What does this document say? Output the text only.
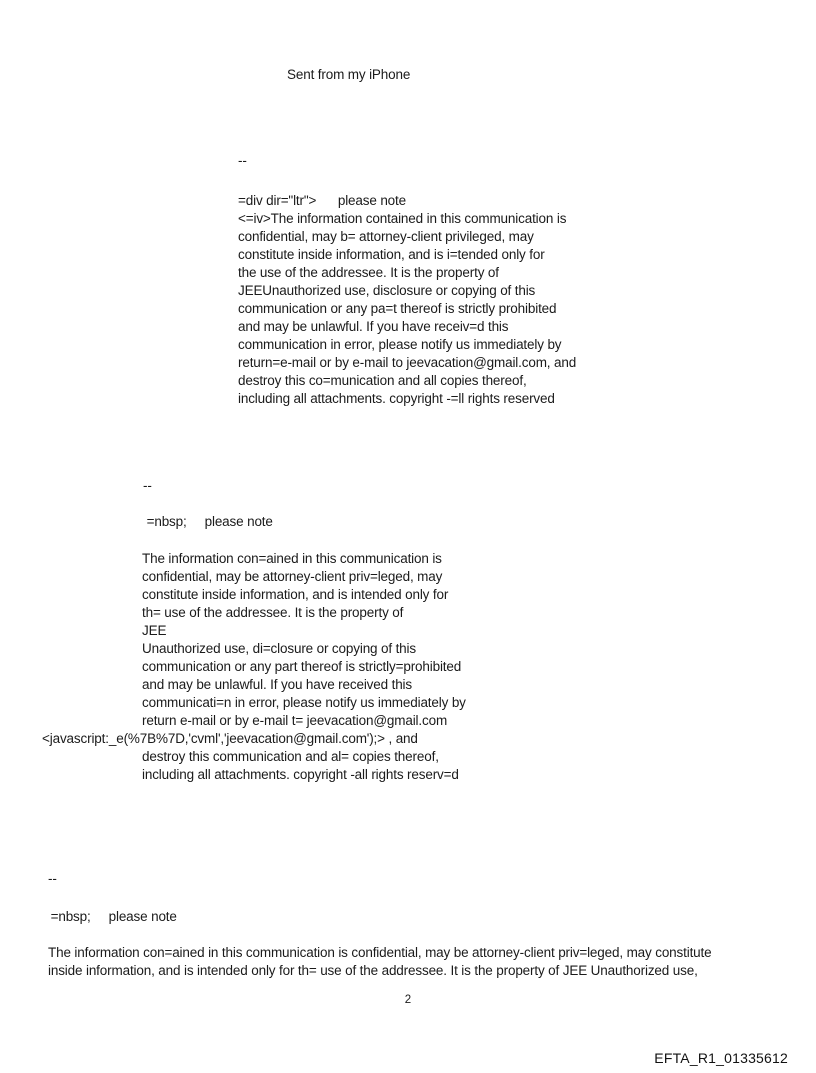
Sent from my iPhone
--
=div dir="ltr">      please note
<=iv>The information contained in this communication is
confidential, may b= attorney-client privileged, may
constitute inside information, and is i=tended only for
the use of the addressee. It is the property of
JEEUnauthorized use, disclosure or copying of this
communication or any pa=t thereof is strictly prohibited
and may be unlawful. If you have receiv=d this
communication in error, please notify us immediately by
return=e-mail or by e-mail to jeevacation@gmail.com, and
destroy this co=munication and all copies thereof,
including all attachments. copyright -=ll rights reserved
--
=nbsp;     please note
The information con=ained in this communication is
confidential, may be attorney-client priv=leged, may
constitute inside information, and is intended only for
th= use of the addressee. It is the property of
JEE
Unauthorized use, di=closure or copying of this
communication or any part thereof is strictly=prohibited
and may be unlawful. If you have received this
communicati=n in error, please notify us immediately by
return e-mail or by e-mail t= jeevacation@gmail.com
<javascript:_e(%7B%7D,'cvml','jeevacation@gmail.com');> , and
destroy this communication and al= copies thereof,
including all attachments. copyright -all rights reserv=d
--
=nbsp;     please note
The information con=ained in this communication is confidential, may be attorney-client priv=leged, may constitute
inside information, and is intended only for th= use of the addressee. It is the property of JEE Unauthorized use,
2
EFTA_R1_01335612
